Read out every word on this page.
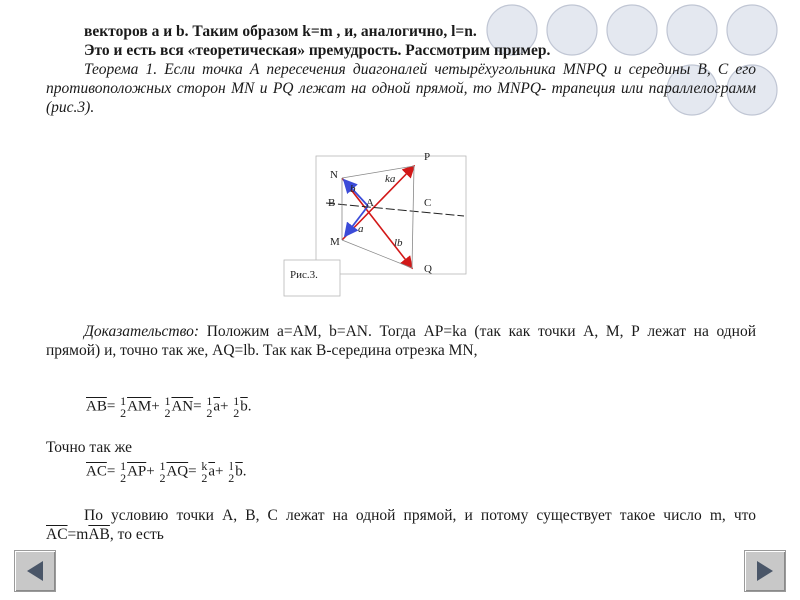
векторов а и b. Таким образом k=m , и, аналогично, l=n.
Это и есть вся «теоретическая» премудрость. Рассмотрим пример.
Теорема 1. Если точка А пересечения диагоналей четырёхугольника MNPQ и середины В, С его противоположных сторон MN и PQ лежат на одной прямой, то MNPQ- трапеция или параллелограмм (рис.3).
N
B
M
A	C
P
Q
ka
lb
b
a
Рис.3.
Доказательство: Положим а=АМ, b=AN. Тогда AP=ka (так как точки А, М, Р лежат на одной прямой) и, точно так же, AQ=lb. Так как В-середина отрезка MN,
$\overline{AB}= 1$
2 $\overline{AM}+ 1$
2 $\overline{AN}= 1$
2 $\overline{a}+ 1$
2 $\overline{b}$.
Точно так же
$\overline{AC}= 1$
2 $\overline{AP}+ 1$
2 $\overline{AQ}= k$
2 $\overline{a}+ l$
2 $\overline{b}$.
По условию точки А, В, С лежат на одной прямой, и потому существует такое число m, что $\overline{AC}=m\overline{AB}$, то есть
